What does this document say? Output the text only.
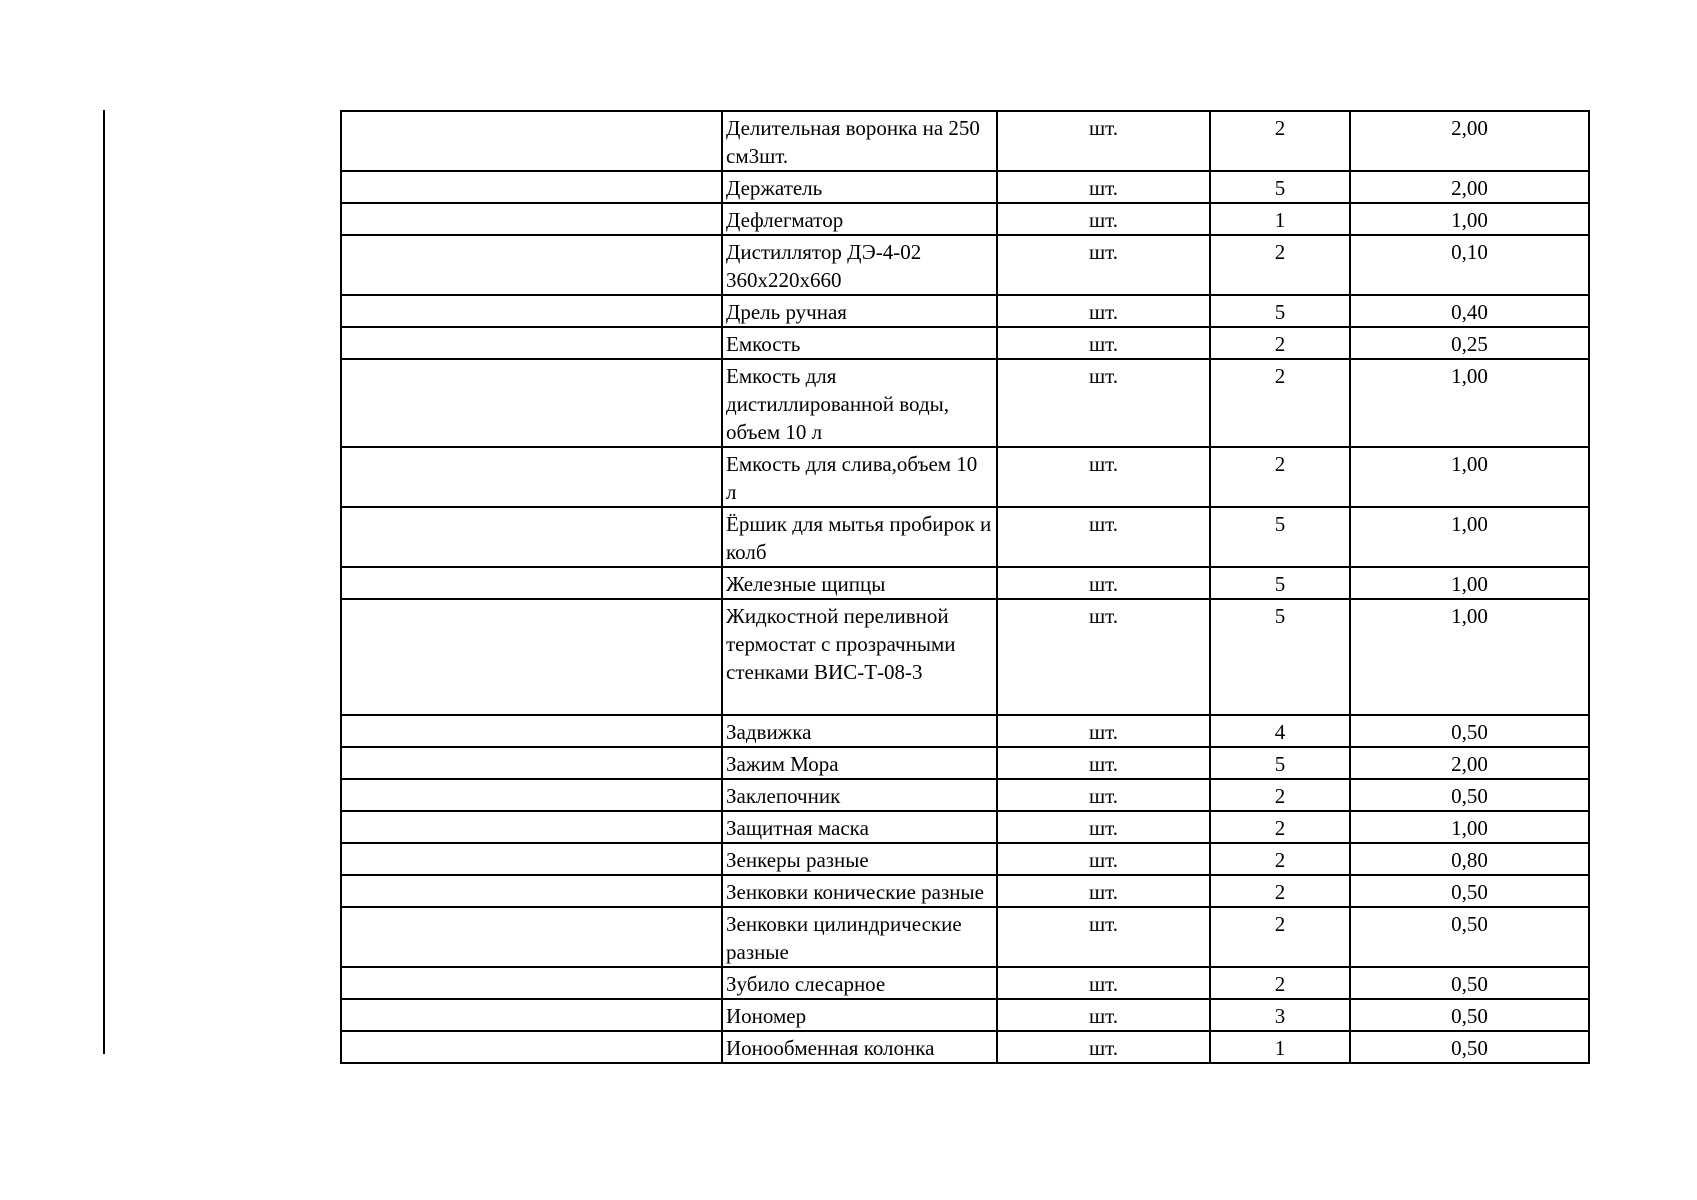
	Делительная воронка на 250 см3шт.	шт.	2	2,00
	Держатель	шт.	5	2,00
	Дефлегматор	шт.	1	1,00
	Дистиллятор ДЭ-4-02 360х220х660	шт.	2	0,10
	Дрель ручная	шт.	5	0,40
	Емкость	шт.	2	0,25
	Емкость для дистиллированной воды, объем 10 л	шт.	2	1,00
	Емкость для слива,объем 10 л	шт.	2	1,00
	Ёршик для мытья пробирок и колб	шт.	5	1,00
	Железные щипцы	шт.	5	1,00
	Жидкостной переливной термостат с прозрачными стенками ВИС-Т-08-3	шт.	5	1,00
	Задвижка	шт.	4	0,50
	Зажим Мора	шт.	5	2,00
	Заклепочник	шт.	2	0,50
	Защитная маска	шт.	2	1,00
	Зенкеры разные	шт.	2	0,80
	Зенковки конические разные	шт.	2	0,50
	Зенковки цилиндрические разные	шт.	2	0,50
	Зубило слесарное	шт.	2	0,50
	Иономер	шт.	3	0,50
	Ионообменная колонка	шт.	1	0,50
